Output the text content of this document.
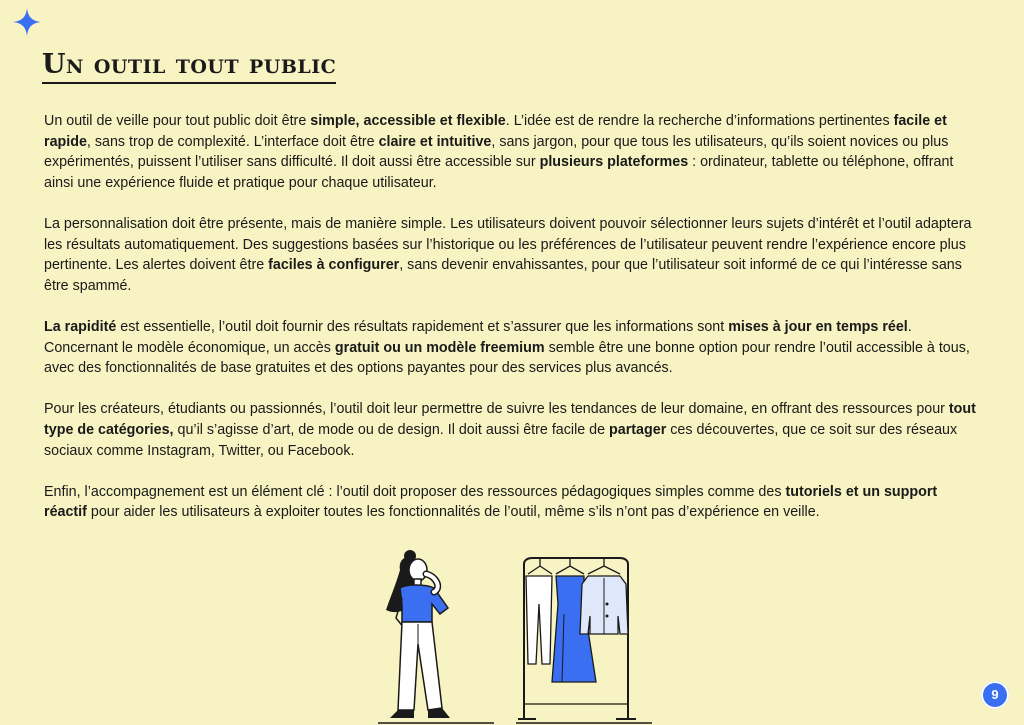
Un outil tout public

Un outil de veille pour tout public doit être simple, accessible et flexible. L’idée est de rendre la recherche d’informations pertinentes facile et rapide, sans trop de complexité. L’interface doit être claire et intuitive, sans jargon, pour que tous les utilisateurs, qu’ils soient novices ou plus expérimentés, puissent l’utiliser sans difficulté. Il doit aussi être accessible sur plusieurs plateformes : ordinateur, tablette ou téléphone, offrant ainsi une expérience fluide et pratique pour chaque utilisateur.

La personnalisation doit être présente, mais de manière simple. Les utilisateurs doivent pouvoir sélectionner leurs sujets d’intérêt et l’outil adaptera les résultats automatiquement. Des suggestions basées sur l’historique ou les préférences de l’utilisateur peuvent rendre l’expérience encore plus pertinente. Les alertes doivent être faciles à configurer, sans devenir envahissantes, pour que l’utilisateur soit informé de ce qui l’intéresse sans être spammé.

La rapidité est essentielle, l’outil doit fournir des résultats rapidement et s’assurer que les informations sont mises à jour en temps réel. Concernant le modèle économique, un accès gratuit ou un modèle freemium semble être une bonne option pour rendre l’outil accessible à tous, avec des fonctionnalités de base gratuites et des options payantes pour des services plus avancés.

Pour les créateurs, étudiants ou passionnés, l’outil doit leur permettre de suivre les tendances de leur domaine, en offrant des ressources pour tout type de catégories, qu’il s’agisse d’art, de mode ou de design. Il doit aussi être facile de partager ces découvertes, que ce soit sur des réseaux sociaux comme Instagram, Twitter, ou Facebook.

Enfin, l’accompagnement est un élément clé : l’outil doit proposer des ressources pédagogiques simples comme des tutoriels et un support réactif pour aider les utilisateurs à exploiter toutes les fonctionnalités de l’outil, même s’ils n’ont pas d’expérience en veille.

9
